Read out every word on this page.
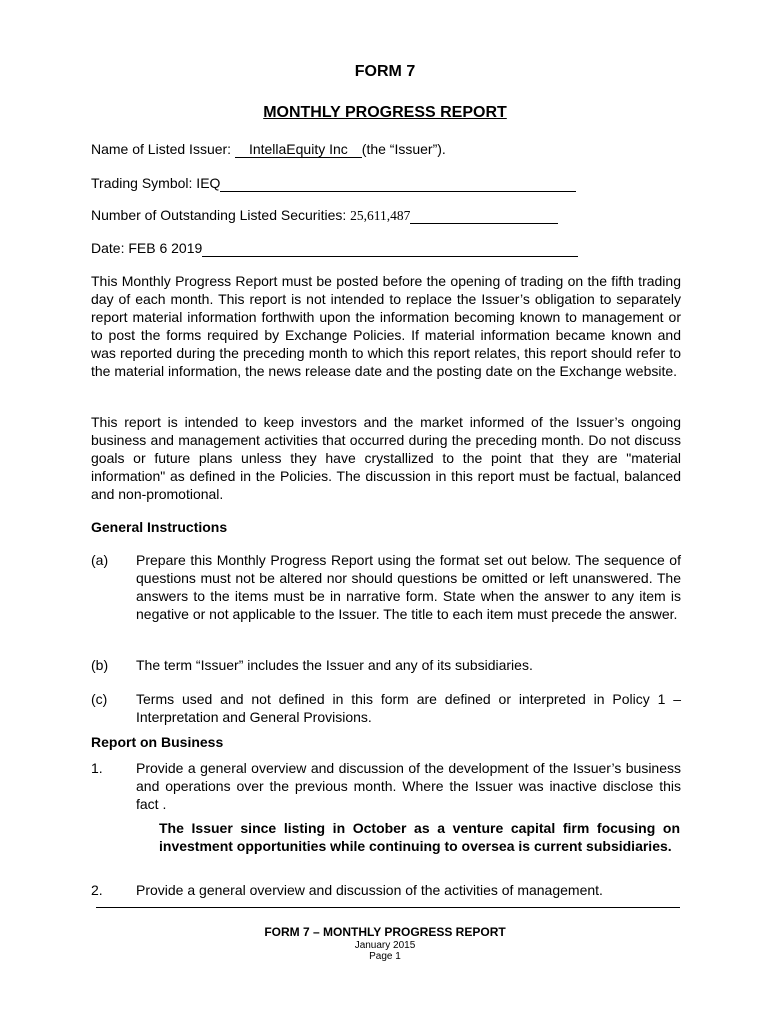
FORM 7
MONTHLY PROGRESS REPORT
Name of Listed Issuer: IntellaEquity Inc (the “Issuer”).
Trading Symbol: IEQ
Number of Outstanding Listed Securities: 25,611,487
Date: FEB 6 2019
This Monthly Progress Report must be posted before the opening of trading on the fifth trading day of each month. This report is not intended to replace the Issuer’s obligation to separately report material information forthwith upon the information becoming known to management or to post the forms required by Exchange Policies. If material information became known and was reported during the preceding month to which this report relates, this report should refer to the material information, the news release date and the posting date on the Exchange website.
This report is intended to keep investors and the market informed of the Issuer’s ongoing business and management activities that occurred during the preceding month. Do not discuss goals or future plans unless they have crystallized to the point that they are "material information" as defined in the Policies. The discussion in this report must be factual, balanced and non-promotional.
General Instructions
(a) Prepare this Monthly Progress Report using the format set out below. The sequence of questions must not be altered nor should questions be omitted or left unanswered. The answers to the items must be in narrative form. State when the answer to any item is negative or not applicable to the Issuer. The title to each item must precede the answer.
(b) The term “Issuer” includes the Issuer and any of its subsidiaries.
(c) Terms used and not defined in this form are defined or interpreted in Policy 1 – Interpretation and General Provisions.
Report on Business
1. Provide a general overview and discussion of the development of the Issuer’s business and operations over the previous month. Where the Issuer was inactive disclose this fact .
The Issuer since listing in October as a venture capital firm focusing on investment opportunities while continuing to oversea is current subsidiaries.
2. Provide a general overview and discussion of the activities of management.
FORM 7 – MONTHLY PROGRESS REPORT
January 2015
Page 1
